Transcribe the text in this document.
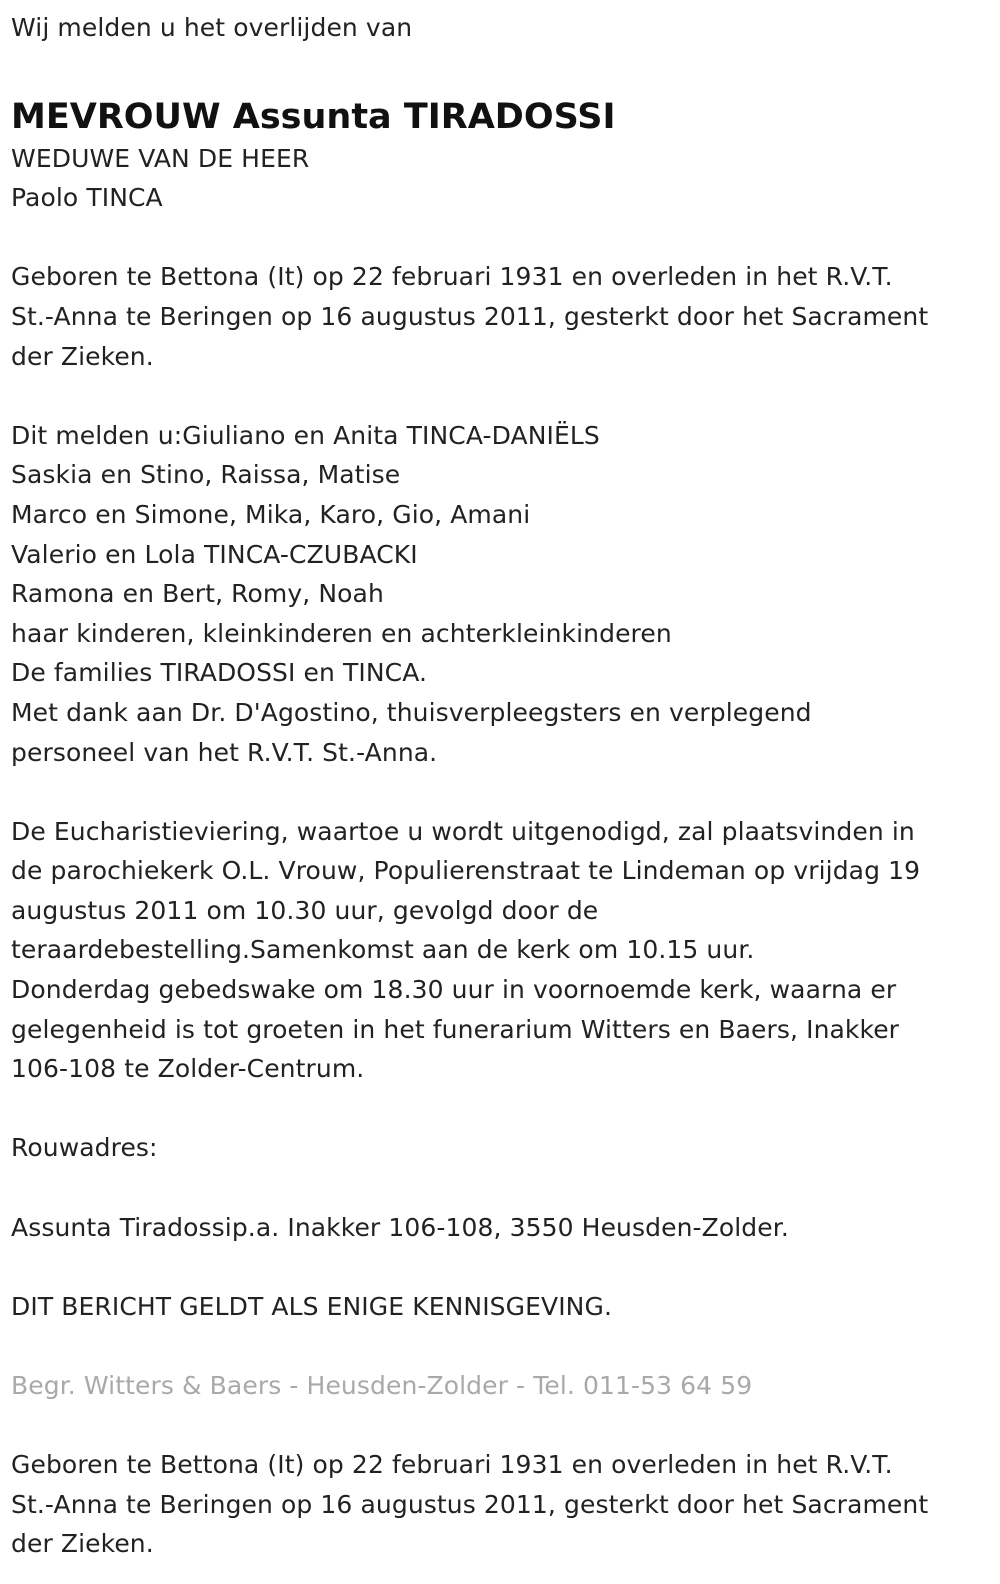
Wij melden u het overlijden van

MEVROUW Assunta TIRADOSSI

WEDUWE VAN DE HEER

Paolo TINCA

Geboren te Bettona (It) op 22 februari 1931 en overleden in het R.V.T.

St.-Anna te Beringen op 16 augustus 2011, gesterkt door het Sacrament

der Zieken.

Dit melden u:Giuliano en Anita TINCA-DANIËLS

Saskia en Stino, Raissa, Matise

Marco en Simone, Mika, Karo, Gio, Amani

Valerio en Lola TINCA-CZUBACKI

Ramona en Bert, Romy, Noah

haar kinderen, kleinkinderen en achterkleinkinderen

De families TIRADOSSI en TINCA.

Met dank aan Dr. D'Agostino, thuisverpleegsters en verplegend

personeel van het R.V.T. St.-Anna.

De Eucharistieviering, waartoe u wordt uitgenodigd, zal plaatsvinden in

de parochiekerk O.L. Vrouw, Populierenstraat te Lindeman op vrijdag 19

augustus 2011 om 10.30 uur, gevolgd door de

teraardebestelling.Samenkomst aan de kerk om 10.15 uur.

Donderdag gebedswake om 18.30 uur in voornoemde kerk, waarna er

gelegenheid is tot groeten in het funerarium Witters en Baers, Inakker

106-108 te Zolder-Centrum.

Rouwadres:

Assunta Tiradossip.a. Inakker 106-108, 3550 Heusden-Zolder.

DIT BERICHT GELDT ALS ENIGE KENNISGEVING.

Begr. Witters & Baers - Heusden-Zolder - Tel. 011-53 64 59

Geboren te Bettona (It) op 22 februari 1931 en overleden in het R.V.T.

St.-Anna te Beringen op 16 augustus 2011, gesterkt door het Sacrament

der Zieken.
